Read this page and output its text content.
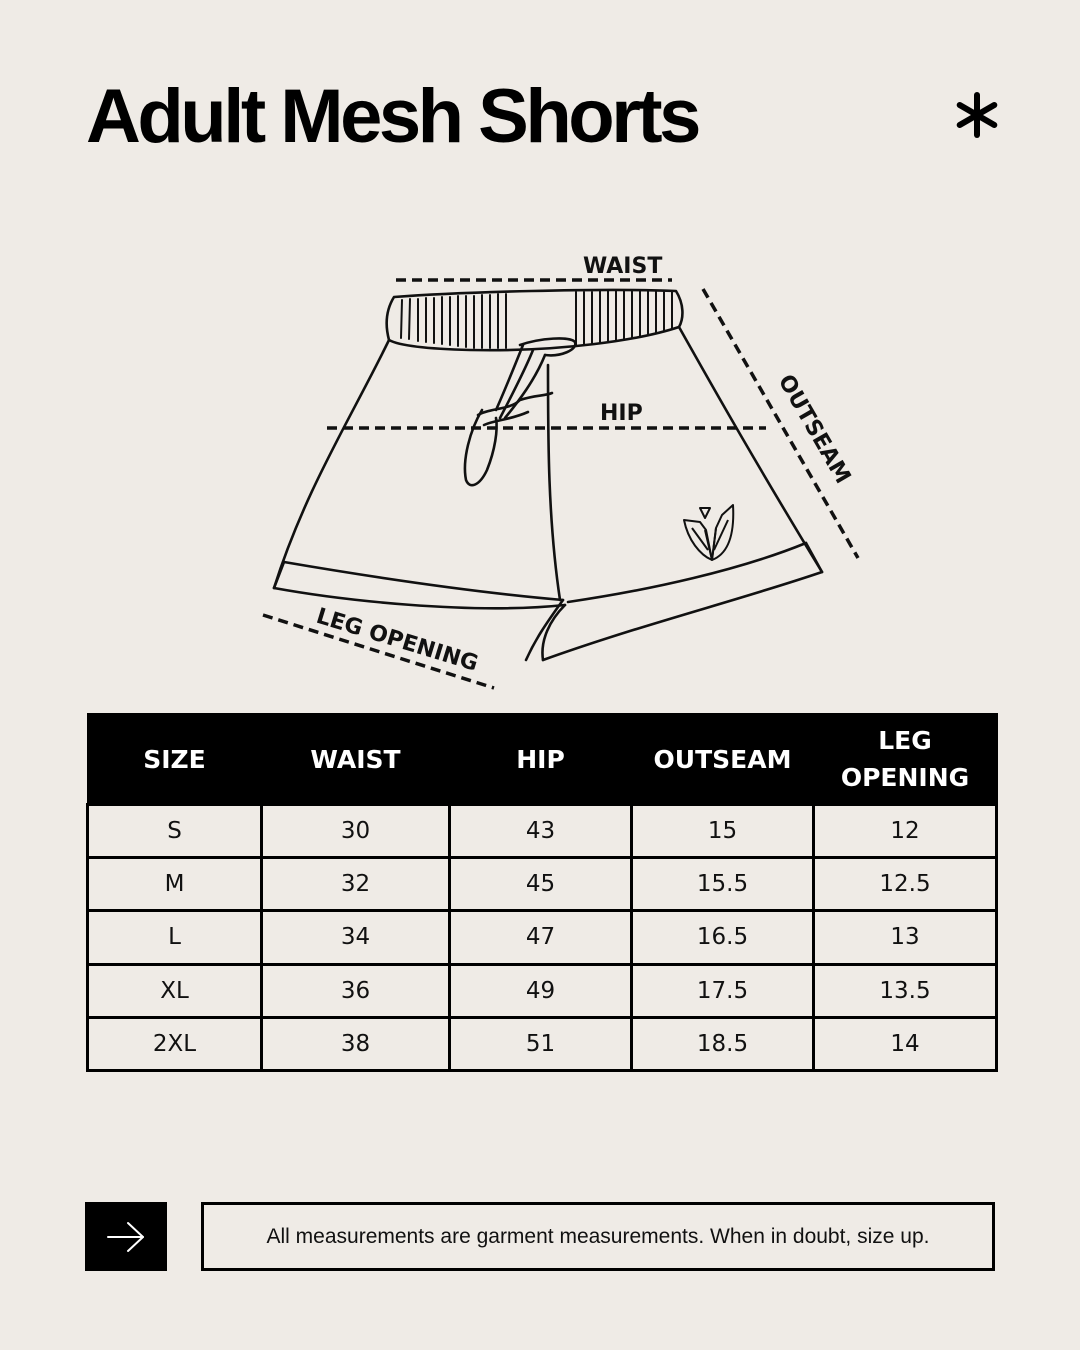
Adult Mesh Shorts
WAIST
HIP	OUTSEAM
LEG OPENING
SIZE	WAIST	HIP	OUTSEAM	LEG OPENING
S	30	43	15	12
M	32	45	15.5	12.5
L	34	47	16.5	13
XL	36	49	17.5	13.5
2XL	38	51	18.5	14
All measurements are garment measurements. When in doubt, size up.
